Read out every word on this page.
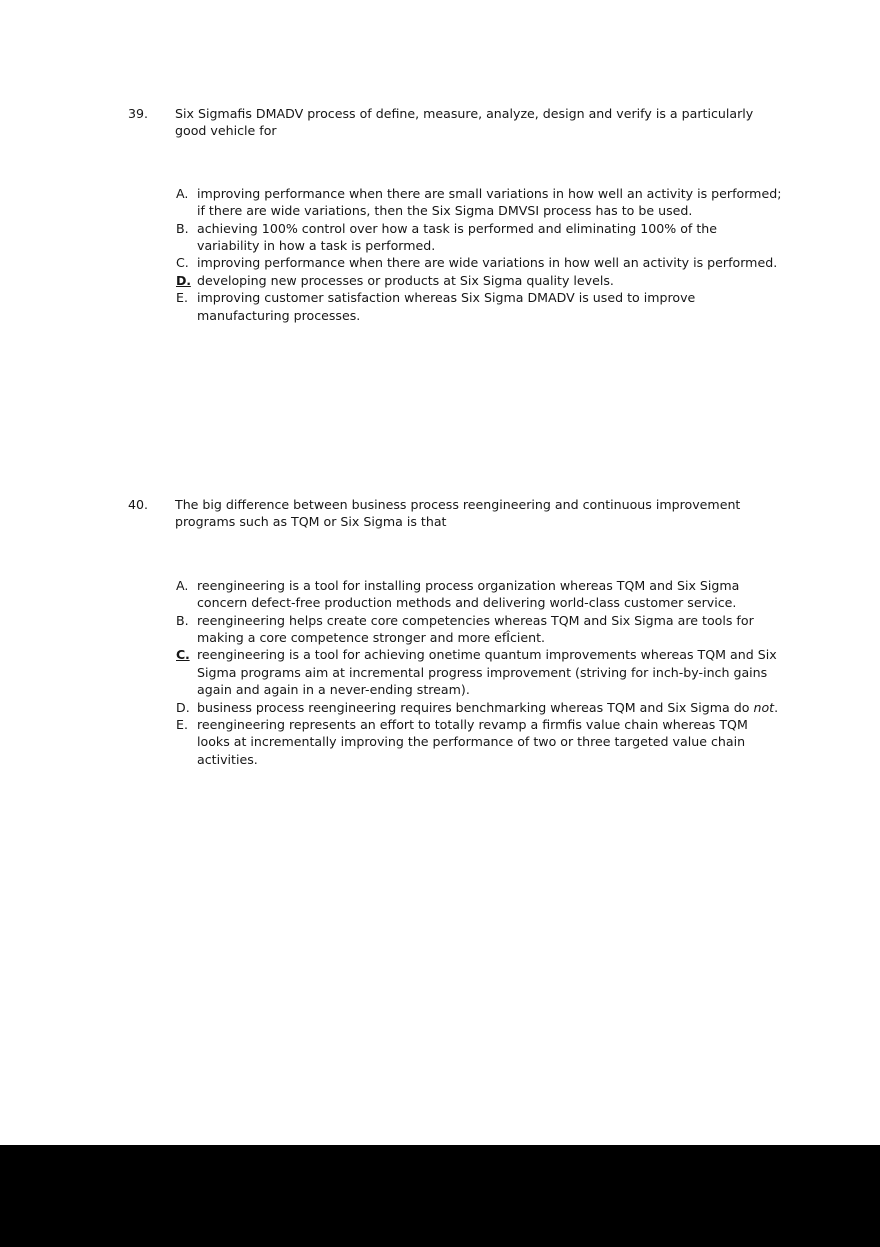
39.	Six Sigmafis DMADV process of define, measure, analyze, design and verify is a particularly good vehicle for
A. improving performance when there are small variations in how well an activity is performed; if there are wide variations, then the Six Sigma DMVSI process has to be used.
B. achieving 100% control over how a task is performed and eliminating 100% of the variability in how a task is performed.
C. improving performance when there are wide variations in how well an activity is performed.
D. developing new processes or products at Six Sigma quality levels.
E. improving customer satisfaction whereas Six Sigma DMADV is used to improve manufacturing processes.
40.	The big difference between business process reengineering and continuous improvement programs such as TQM or Six Sigma is that
A. reengineering is a tool for installing process organization whereas TQM and Six Sigma concern defect-free production methods and delivering world-class customer service.
B. reengineering helps create core competencies whereas TQM and Six Sigma are tools for making a core competence stronger and more efÎcient.
C. reengineering is a tool for achieving onetime quantum improvements whereas TQM and Six Sigma programs aim at incremental progress improvement (striving for inch-by-inch gains again and again in a never-ending stream).
D. business process reengineering requires benchmarking whereas TQM and Six Sigma do not.
E. reengineering represents an effort to totally revamp a firmfis value chain whereas TQM looks at incrementally improving the performance of two or three targeted value chain activities.
